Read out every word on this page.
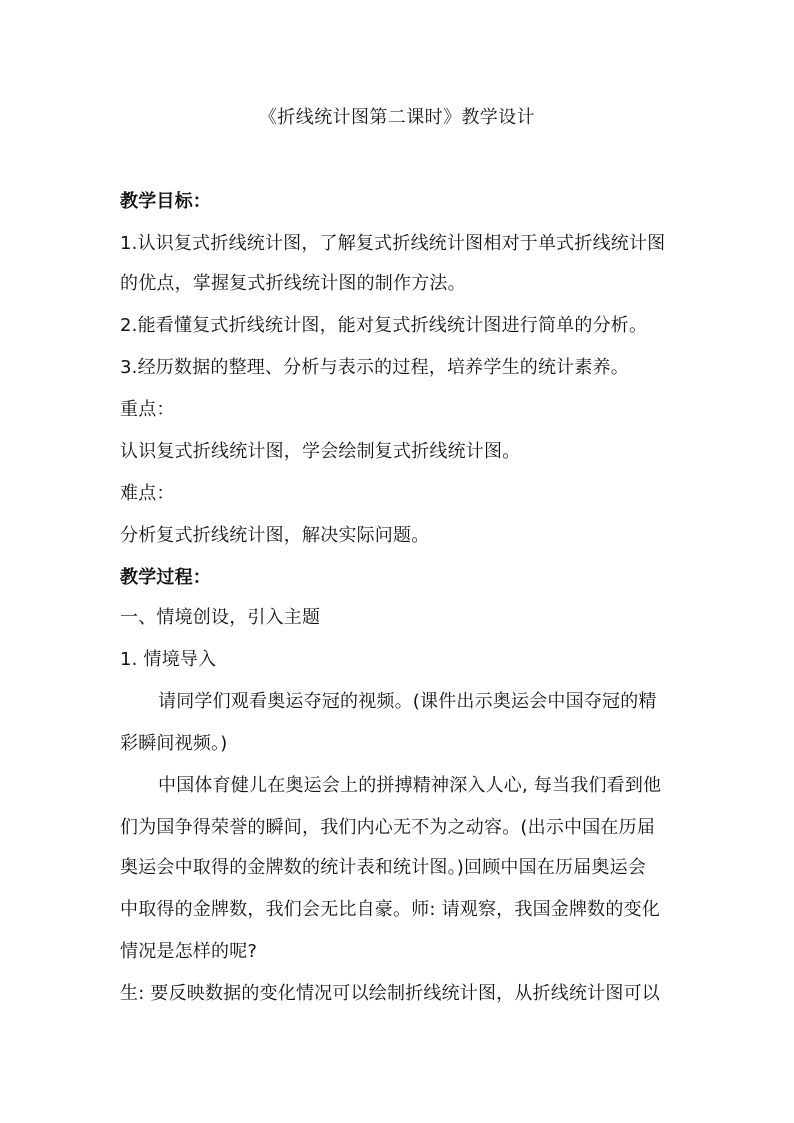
《折线统计图第二课时》教学设计
教学目标：
1.认识复式折线统计图，了解复式折线统计图相对于单式折线统计图
的优点，掌握复式折线统计图的制作方法。
2.能看懂复式折线统计图，能对复式折线统计图进行简单的分析。
3.经历数据的整理、分析与表示的过程，培养学生的统计素养。
重点：
认识复式折线统计图，学会绘制复式折线统计图。
难点：
分析复式折线统计图，解决实际问题。
教学过程：
一、情境创设，引入主题
1. 情境导入
请同学们观看奥运夺冠的视频。(课件出示奥运会中国夺冠的精
彩瞬间视频。)
中国体育健儿在奥运会上的拼搏精神深入人心, 每当我们看到他
们为国争得荣誉的瞬间，我们内心无不为之动容。(出示中国在历届
奥运会中取得的金牌数的统计表和统计图。)回顾中国在历届奥运会
中取得的金牌数，我们会无比自豪。师: 请观察，我国金牌数的变化
情况是怎样的呢?
生: 要反映数据的变化情况可以绘制折线统计图，从折线统计图可以
